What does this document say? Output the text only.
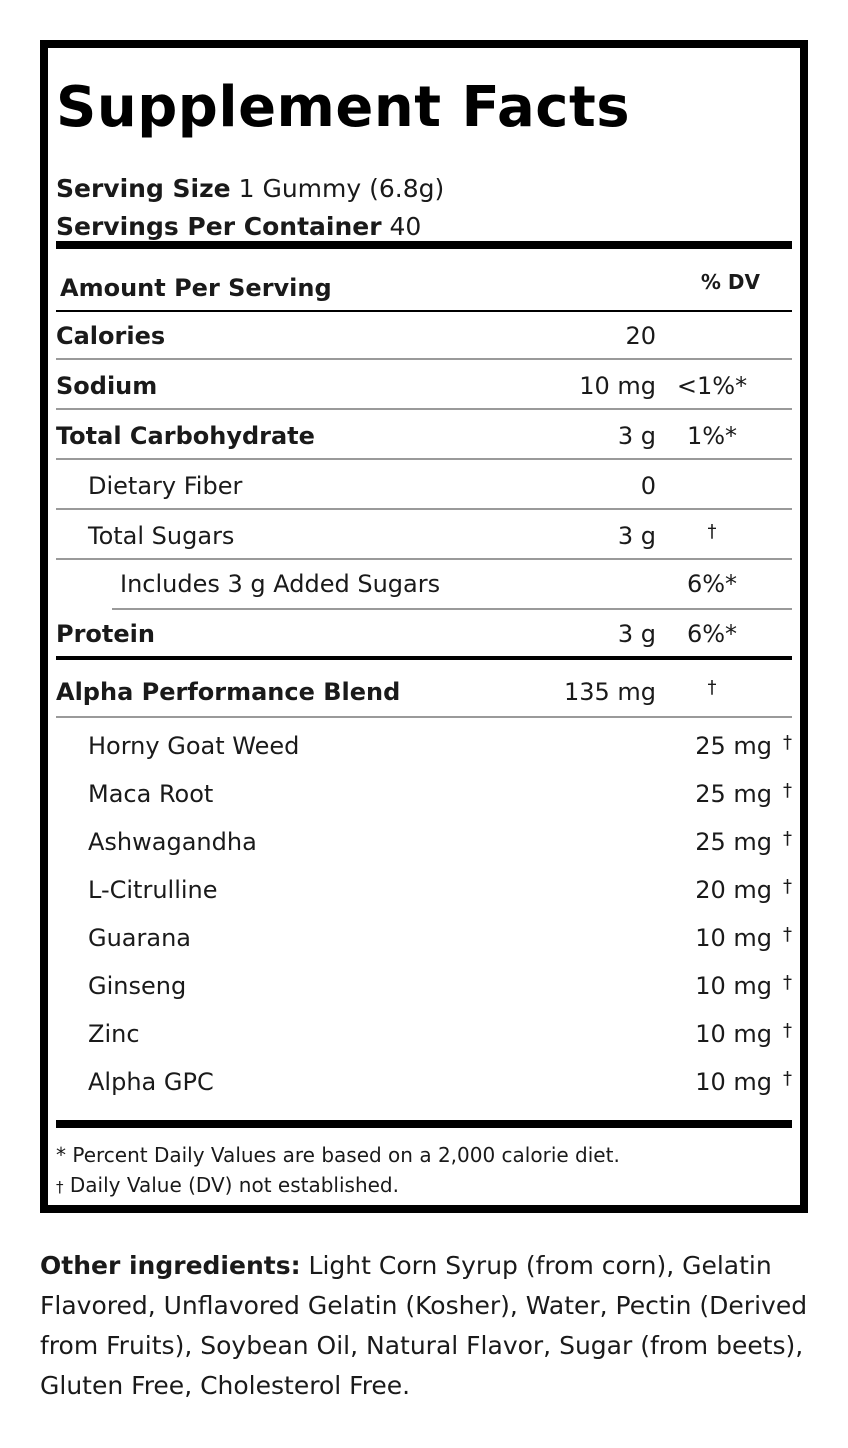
Supplement Facts
Serving Size 1 Gummy (6.8g)
Servings Per Container 40
Amount Per Serving	% DV
Calories	20
Sodium	10 mg <1%*
Total Carbohydrate	3 g	1%*
Dietary Fiber	0
Total Sugars	3 g	†
Includes 3 g Added Sugars	6%*
Protein	3 g	6%*
Alpha Performance Blend	135 mg	†
Horny Goat Weed	25 mg †
Maca Root	25 mg †
Ashwagandha	25 mg †
L-Citrulline	20 mg †
Guarana	10 mg †
Ginseng	10 mg †
Zinc	10 mg †
Alpha GPC	10 mg †
* Percent Daily Values are based on a 2,000 calorie diet.
† Daily Value (DV) not established.
Other ingredients: Light Corn Syrup (from corn), Gelatin Flavored, Unflavored Gelatin (Kosher), Water, Pectin (Derived from Fruits), Soybean Oil, Natural Flavor, Sugar (from beets), Gluten Free, Cholesterol Free.
